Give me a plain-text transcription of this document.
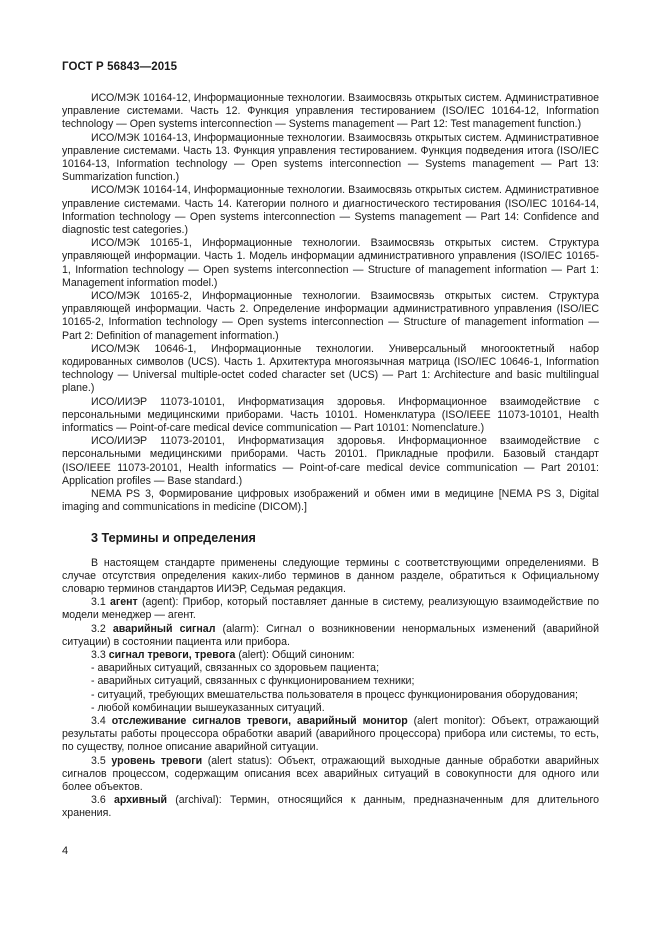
ГОСТ Р 56843—2015

ИСО/МЭК 10164-12, Информационные технологии. Взаимосвязь открытых систем. Административное управление системами. Часть 12. Функция управления тестированием (ISO/IEC 10164-12, Information technology — Open systems interconnection — Systems management — Part 12: Test management function.)

ИСО/МЭК 10164-13, Информационные технологии. Взаимосвязь открытых систем. Административное управление системами. Часть 13. Функция управления тестированием. Функция подведения итога (ISO/IEC 10164-13, Information technology — Open systems interconnection — Systems management — Part 13: Summarization function.)

ИСО/МЭК 10164-14, Информационные технологии. Взаимосвязь открытых систем. Административное управление системами. Часть 14. Категории полного и диагностического тестирования (ISO/IEC 10164-14, Information technology — Open systems interconnection — Systems management — Part 14: Confidence and diagnostic test categories.)

ИСО/МЭК 10165-1, Информационные технологии. Взаимосвязь открытых систем. Структура управляющей информации. Часть 1. Модель информации административного управления (ISO/IEC 10165-1, Information technology — Open systems interconnection — Structure of management information — Part 1: Management information model.)

ИСО/МЭК 10165-2, Информационные технологии. Взаимосвязь открытых систем. Структура управляющей информации. Часть 2. Определение информации административного управления (ISO/IEC 10165-2, Information technology — Open systems interconnection — Structure of management information — Part 2: Definition of management information.)

ИСО/МЭК 10646-1, Информационные технологии. Универсальный многооктетный набор кодированных символов (UCS). Часть 1. Архитектура многоязычная матрица (ISO/IEC 10646-1, Information technology — Universal multiple-octet coded character set (UCS) — Part 1: Architecture and basic multilingual plane.)

ИСО/ИИЭР 11073-10101, Информатизация здоровья. Информационное взаимодействие с персональными медицинскими приборами. Часть 10101. Номенклатура (ISO/IEEE 11073-10101, Health informatics — Point-of-care medical device communication — Part 10101: Nomenclature.)

ИСО/ИИЭР 11073-20101, Информатизация здоровья. Информационное взаимодействие с персональными медицинскими приборами. Часть 20101. Прикладные профили. Базовый стандарт (ISO/IEEE 11073-20101, Health informatics — Point-of-care medical device communication — Part 20101: Application profiles — Base standard.)

NEMA PS 3, Формирование цифровых изображений и обмен ими в медицине [NEMA PS 3, Digital imaging and communications in medicine (DICOM).]

3 Термины и определения

В настоящем стандарте применены следующие термины с соответствующими определениями. В случае отсутствия определения каких-либо терминов в данном разделе, обратиться к Официальному словарю терминов стандартов ИИЭР, Седьмая редакция.

3.1 агент (agent): Прибор, который поставляет данные в систему, реализующую взаимодействие по модели менеджер — агент.

3.2 аварийный сигнал (alarm): Сигнал о возникновении ненормальных изменений (аварийной ситуации) в состоянии пациента или прибора.

3.3 сигнал тревоги, тревога (alert): Общий синоним:

- аварийных ситуаций, связанных со здоровьем пациента;
- аварийных ситуаций, связанных с функционированием техники;
- ситуаций, требующих вмешательства пользователя в процесс функционирования оборудования;
- любой комбинации вышеуказанных ситуаций.

3.4 отслеживание сигналов тревоги, аварийный монитор (alert monitor): Объект, отражающий результаты работы процессора обработки аварий (аварийного процессора) прибора или системы, то есть, по существу, полное описание аварийной ситуации.

3.5 уровень тревоги (alert status): Объект, отражающий выходные данные обработки аварийных сигналов процессом, содержащим описания всех аварийных ситуаций в совокупности для одного или более объектов.

3.6 архивный (archival): Термин, относящийся к данным, предназначенным для длительного хранения.

4
